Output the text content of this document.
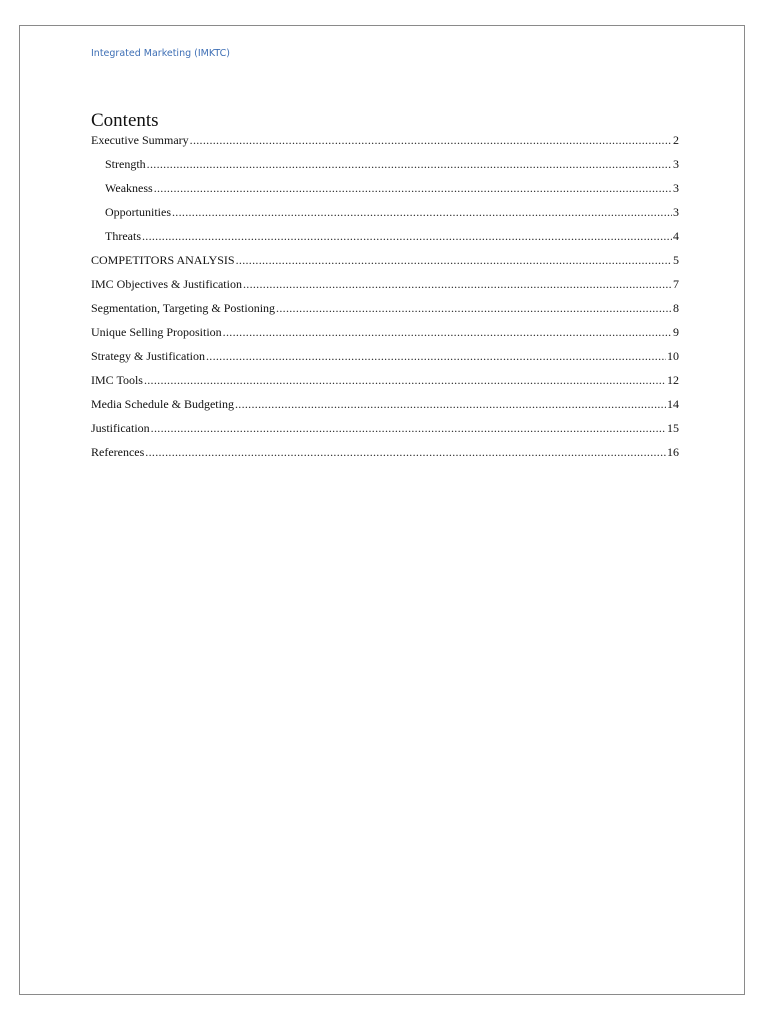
Integrated Marketing (IMKTC)
Contents
Executive Summary .....	2
Strength .....	3
Weakness .....	3
Opportunities .....	3
Threats .....	4
COMPETITORS ANALYSIS .....	5
IMC Objectives & Justification .....	7
Segmentation, Targeting & Postioning .....	8
Unique Selling Proposition .....	9
Strategy & Justification .....	10
IMC Tools .....	12
Media Schedule & Budgeting .....	14
Justification .....	15
References .....	16
